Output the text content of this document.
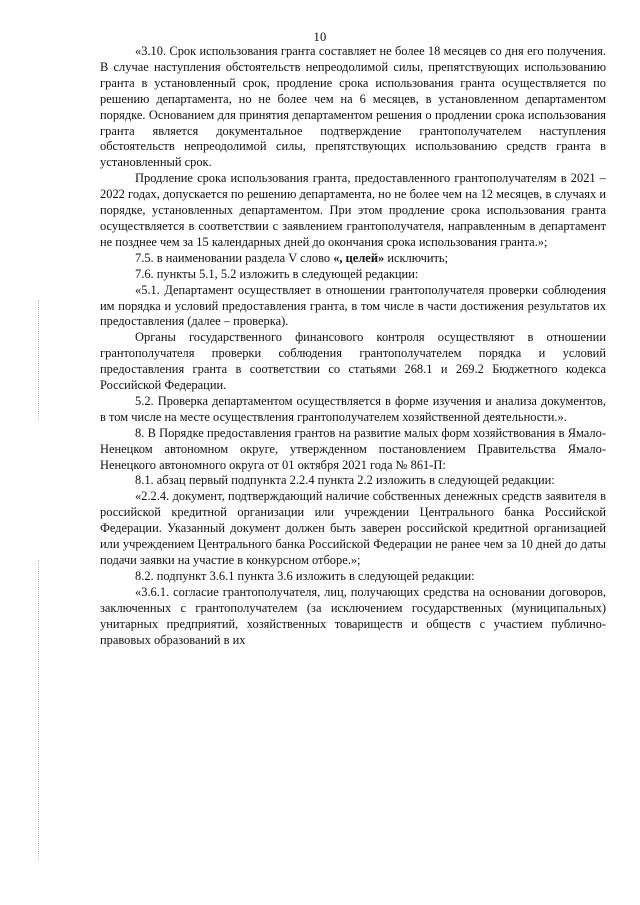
10

«3.10. Срок использования гранта составляет не более 18 месяцев со дня его получения. В случае наступления обстоятельств непреодолимой силы, препятствующих использованию гранта в установленный срок, продление срока использования гранта осуществляется по решению департамента, но не более чем на 6 месяцев, в установленном департаментом порядке. Основанием для принятия департаментом решения о продлении срока использования гранта является документальное подтверждение грантополучателем наступления обстоятельств непреодолимой силы, препятствующих использованию средств гранта в установленный срок.

Продление срока использования гранта, предоставленного грантополучателям в 2021 – 2022 годах, допускается по решению департамента, но не более чем на 12 месяцев, в случаях и порядке, установленных департаментом. При этом продление срока использования гранта осуществляется в соответствии с заявлением грантополучателя, направленным в департамент не позднее чем за 15 календарных дней до окончания срока использования гранта.»;

7.5. в наименовании раздела V слово «, целей» исключить;

7.6. пункты 5.1, 5.2 изложить в следующей редакции:

«5.1. Департамент осуществляет в отношении грантополучателя проверки соблюдения им порядка и условий предоставления гранта, в том числе в части достижения результатов их предоставления (далее – проверка).

Органы государственного финансового контроля осуществляют в отношении грантополучателя проверки соблюдения грантополучателем порядка и условий предоставления гранта в соответствии со статьями 268.1 и 269.2 Бюджетного кодекса Российской Федерации.

5.2. Проверка департаментом осуществляется в форме изучения и анализа документов, в том числе на месте осуществления грантополучателем хозяйственной деятельности.».

8. В Порядке предоставления грантов на развитие малых форм хозяйствования в Ямало-Ненецком автономном округе, утвержденном постановлением Правительства Ямало-Ненецкого автономного округа от 01 октября 2021 года № 861-П:

8.1. абзац первый подпункта 2.2.4 пункта 2.2 изложить в следующей редакции:

«2.2.4. документ, подтверждающий наличие собственных денежных средств заявителя в российской кредитной организации или учреждении Центрального банка Российской Федерации. Указанный документ должен быть заверен российской кредитной организацией или учреждением Центрального банка Российской Федерации не ранее чем за 10 дней до даты подачи заявки на участие в конкурсном отборе.»;

8.2. подпункт 3.6.1 пункта 3.6 изложить в следующей редакции:

«3.6.1. согласие грантополучателя, лиц, получающих средства на основании договоров, заключенных с грантополучателем (за исключением государственных (муниципальных) унитарных предприятий, хозяйственных товариществ и обществ с участием публично-правовых образований в их
